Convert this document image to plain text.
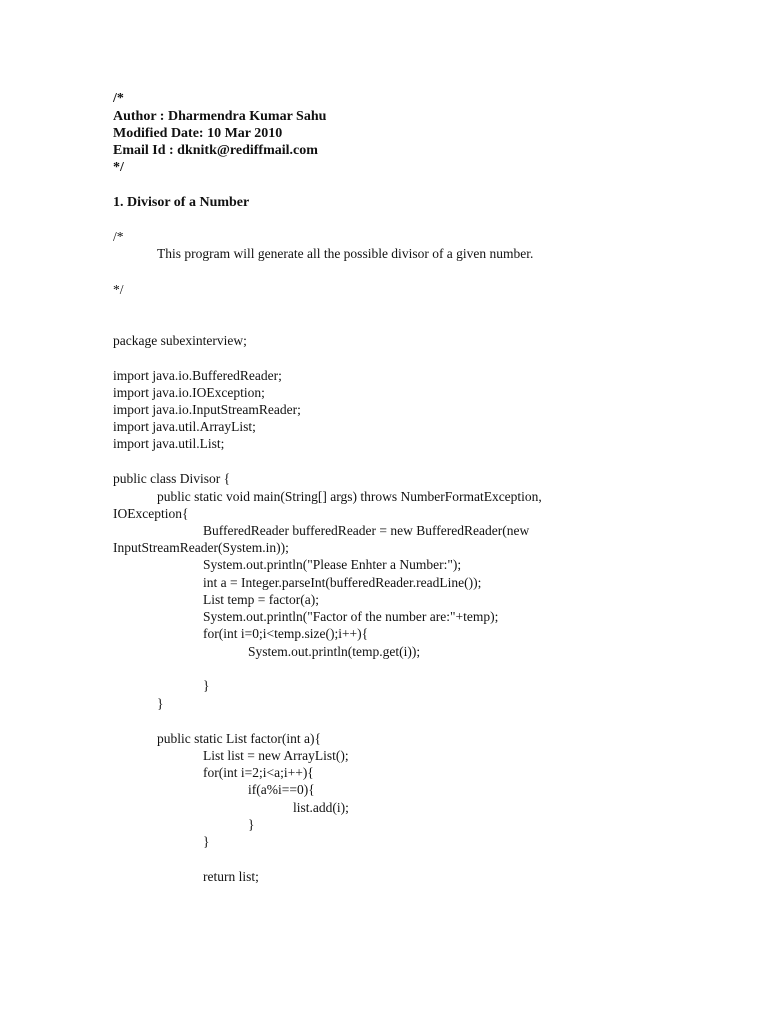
/*
Author : Dharmendra Kumar Sahu
Modified Date: 10 Mar 2010
Email Id : dknitk@rediffmail.com
*/
1. Divisor of a Number
/*
This program will generate all the possible divisor of a given number.
*/
package subexinterview;
import java.io.BufferedReader;
import java.io.IOException;
import java.io.InputStreamReader;
import java.util.ArrayList;
import java.util.List;
public class Divisor {
public static void main(String[] args) throws NumberFormatException,
IOException{
BufferedReader bufferedReader = new BufferedReader(new
InputStreamReader(System.in));
System.out.println("Please Enhter a Number:");
int a = Integer.parseInt(bufferedReader.readLine());
List temp = factor(a);
System.out.println("Factor of the number are:"+temp);
for(int i=0;i<temp.size();i++){
System.out.println(temp.get(i));
}
}
public static List factor(int a){
List list = new ArrayList();
for(int i=2;i<a;i++){
if(a%i==0){
list.add(i);
}
}
return list;
